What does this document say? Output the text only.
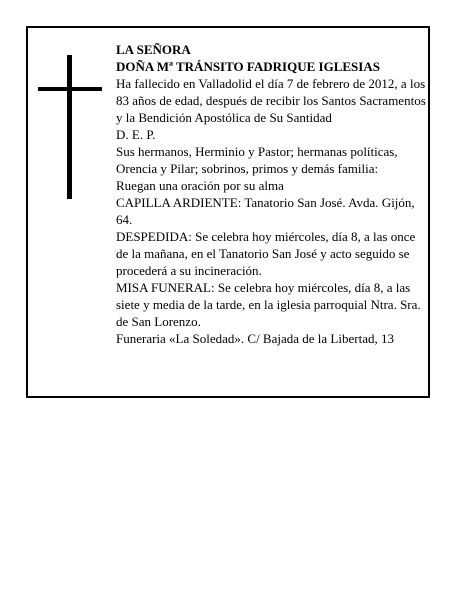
LA SEÑORA

DOÑA Mª TRÁNSITO FADRIQUE IGLESIAS

Ha fallecido en Valladolid el día 7 de febrero de 2012, a los 83 años de edad, después de recibir los Santos Sacramentos y la Bendición Apostólica de Su Santidad

D. E. P.

Sus hermanos, Herminio y Pastor; hermanas políticas, Orencia y Pilar; sobrinos, primos y demás familia:

Ruegan una oración por su alma

CAPILLA ARDIENTE: Tanatorio San José. Avda. Gijón, 64.

DESPEDIDA: Se celebra hoy miércoles, día 8, a las once de la mañana, en el Tanatorio San José y acto seguido se procederá a su incineración.

MISA FUNERAL: Se celebra hoy miércoles, día 8, a las siete y media de la tarde, en la iglesia parroquial Ntra. Sra. de San Lorenzo.

Funeraria «La Soledad». C/ Bajada de la Libertad, 13
